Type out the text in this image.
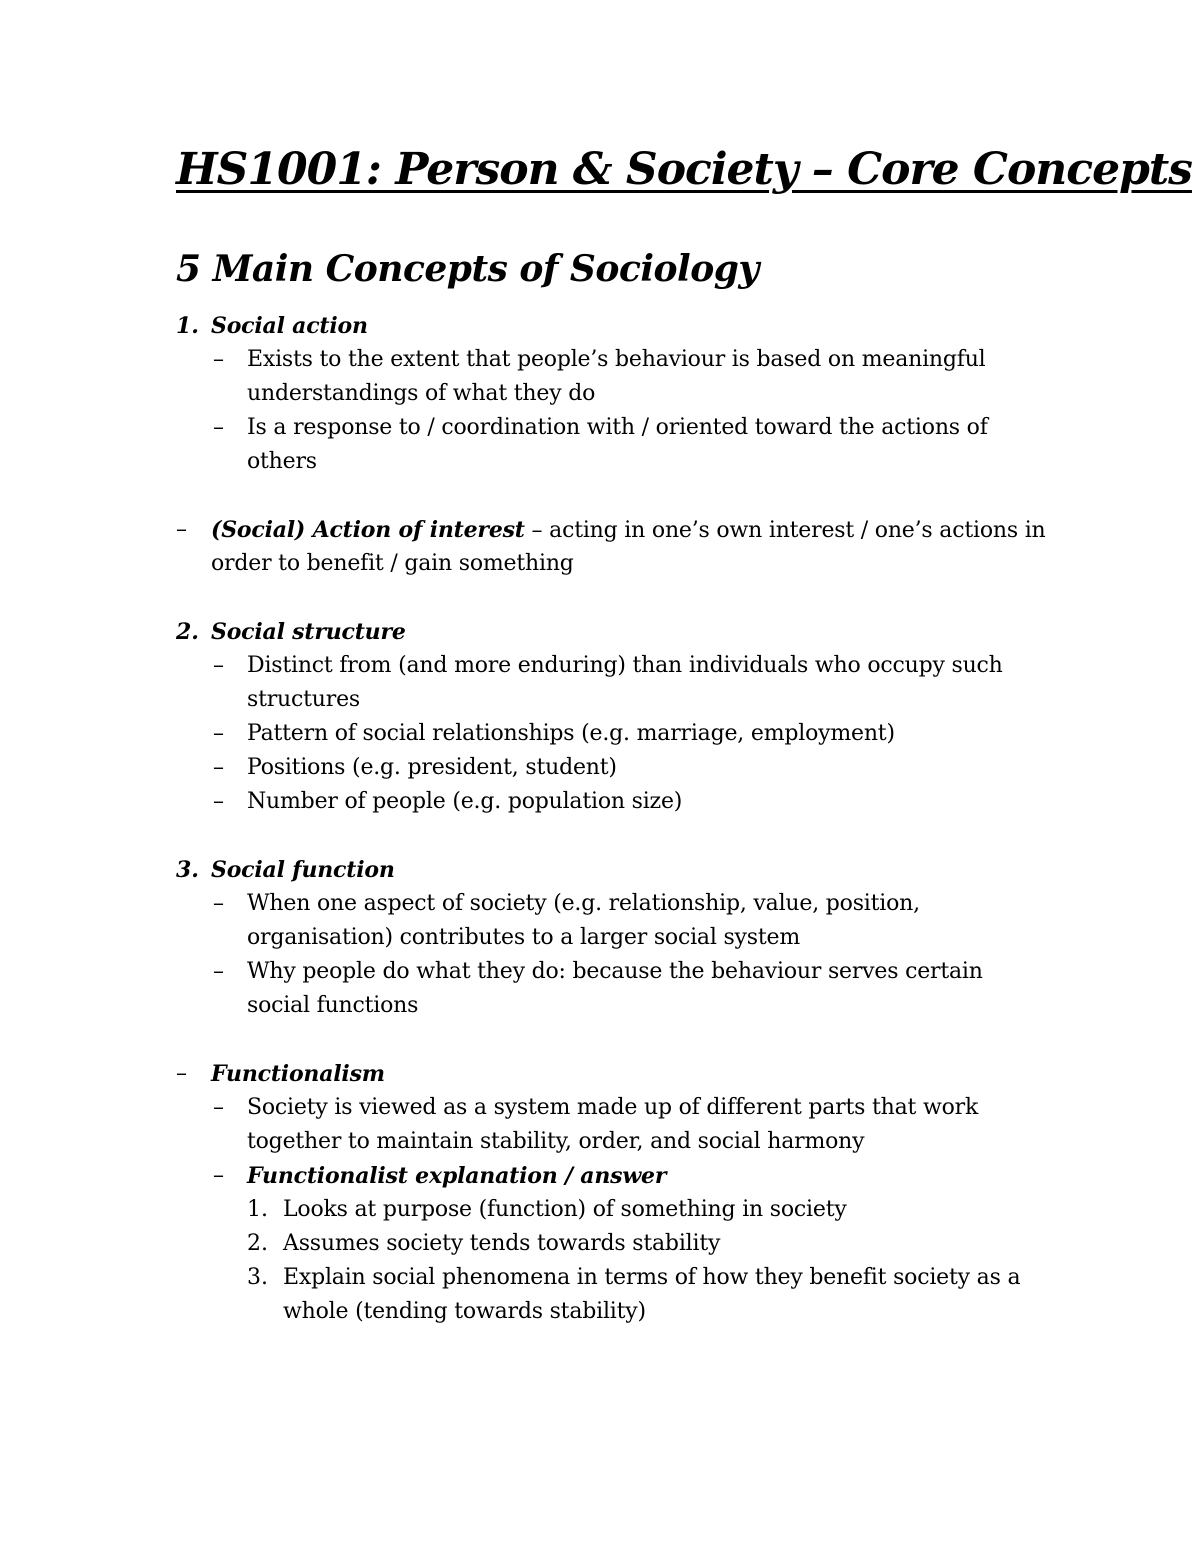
HS1001: Person & Society – Core Concepts
5 Main Concepts of Sociology
1. Social action
– Exists to the extent that people’s behaviour is based on meaningful
understandings of what they do
– Is a response to / coordination with / oriented toward the actions of
others
– (Social) Action of interest – acting in one’s own interest / one’s actions in
order to benefit / gain something
2. Social structure
– Distinct from (and more enduring) than individuals who occupy such
structures
– Pattern of social relationships (e.g. marriage, employment)
– Positions (e.g. president, student)
– Number of people (e.g. population size)
3. Social function
– When one aspect of society (e.g. relationship, value, position,
organisation) contributes to a larger social system
– Why people do what they do: because the behaviour serves certain
social functions
– Functionalism
– Society is viewed as a system made up of different parts that work
together to maintain stability, order, and social harmony
– Functionalist explanation / answer
1. Looks at purpose (function) of something in society
2. Assumes society tends towards stability
3. Explain social phenomena in terms of how they benefit society as a
whole (tending towards stability)
